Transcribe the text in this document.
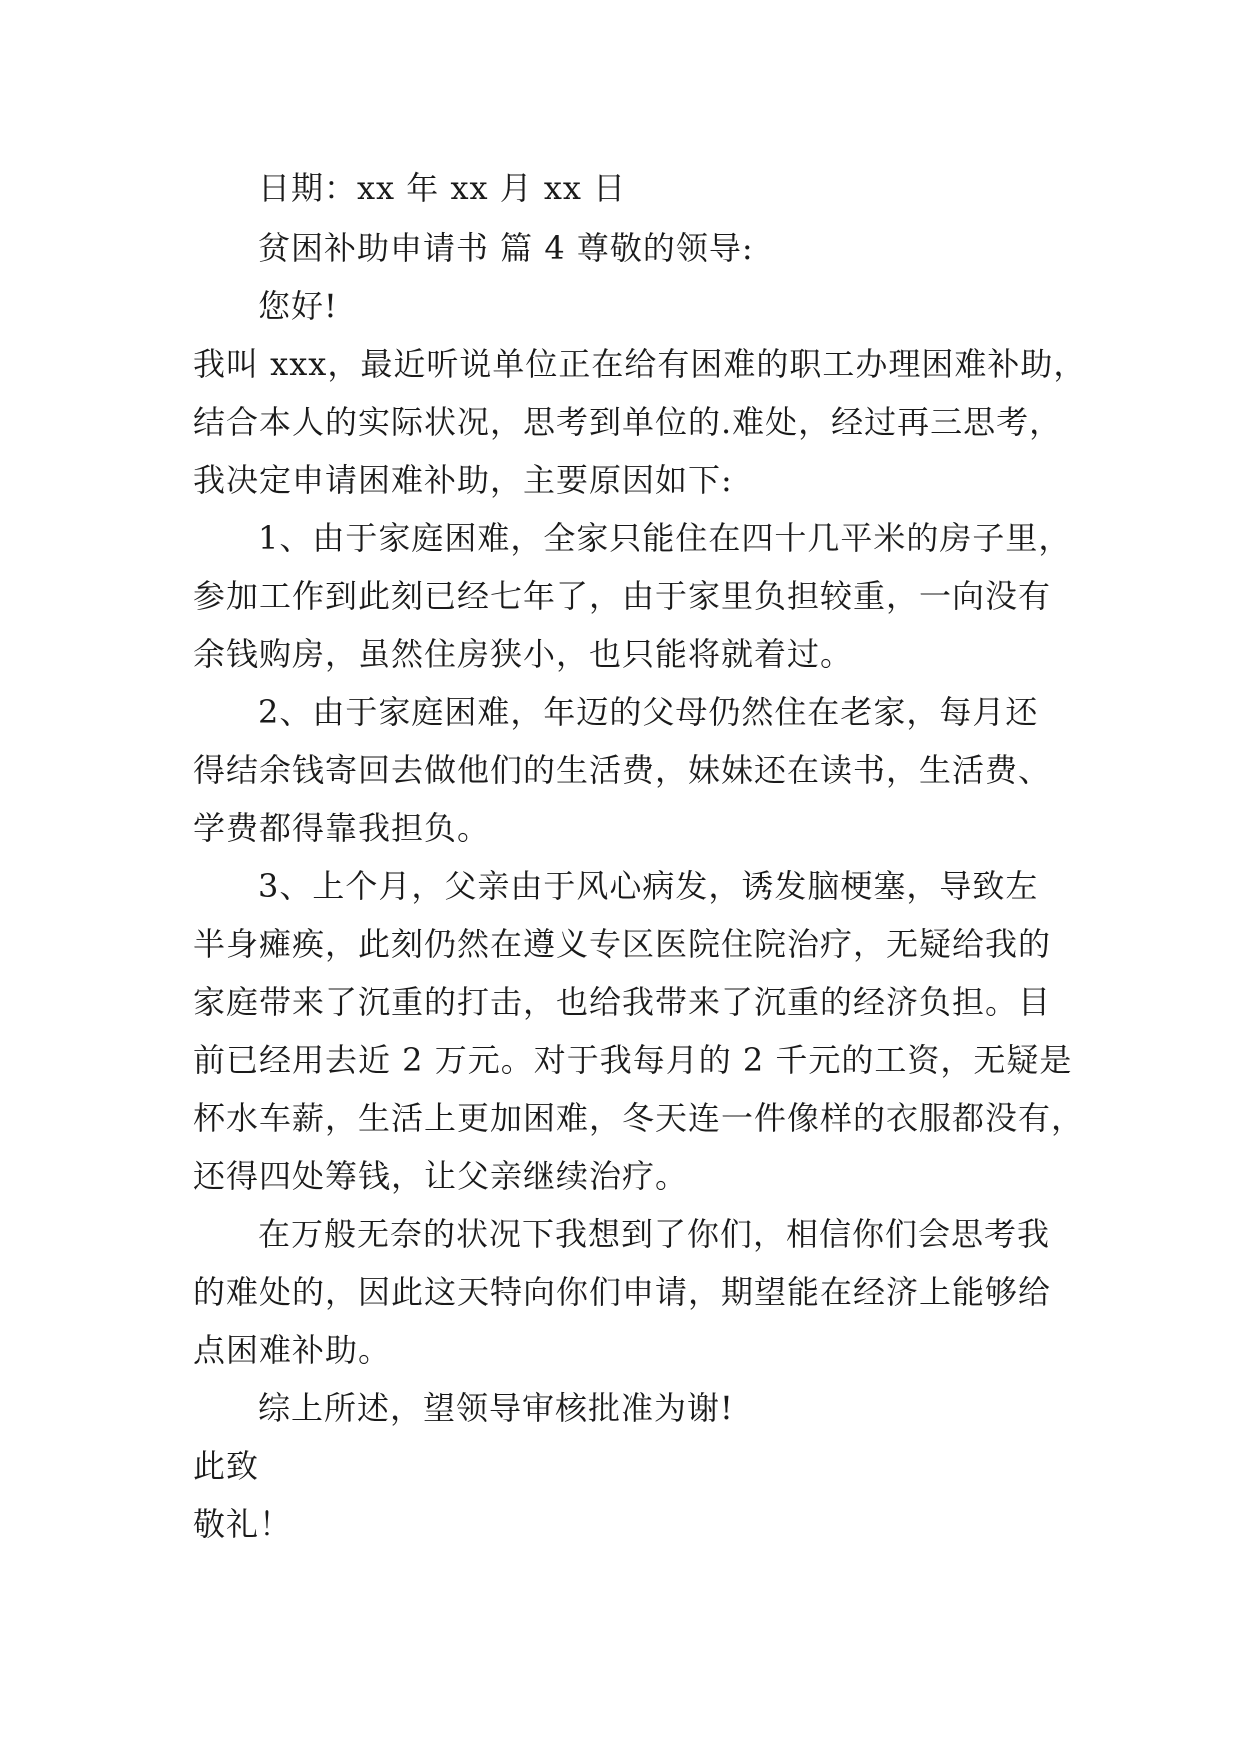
日期：xx 年 xx 月 xx 日
贫困补助申请书 篇 4 尊敬的领导:
您好!
我叫 xxx，最近听说单位正在给有困难的职工办理困难补助，
结合本人的实际状况，思考到单位的.难处，经过再三思考，
我决定申请困难补助，主要原因如下:
1、由于家庭困难，全家只能住在四十几平米的房子里，
参加工作到此刻已经七年了，由于家里负担较重，一向没有
余钱购房，虽然住房狭小，也只能将就着过。
2、由于家庭困难，年迈的父母仍然住在老家，每月还
得结余钱寄回去做他们的生活费，妹妹还在读书，生活费、
学费都得靠我担负。
3、上个月，父亲由于风心病发，诱发脑梗塞，导致左
半身瘫痪，此刻仍然在遵义专区医院住院治疗，无疑给我的
家庭带来了沉重的打击，也给我带来了沉重的经济负担。目
前已经用去近 2 万元。对于我每月的 2 千元的工资，无疑是
杯水车薪，生活上更加困难，冬天连一件像样的衣服都没有，
还得四处筹钱，让父亲继续治疗。
在万般无奈的状况下我想到了你们，相信你们会思考我
的难处的，因此这天特向你们申请，期望能在经济上能够给
点困难补助。
综上所述，望领导审核批准为谢!
此致
敬礼！
